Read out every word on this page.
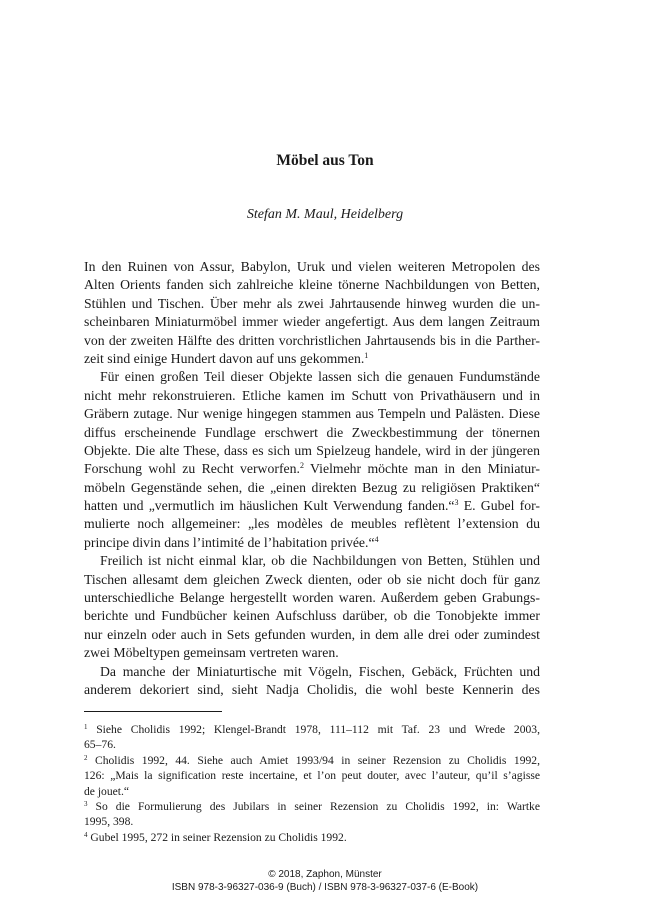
Möbel aus Ton
Stefan M. Maul, Heidelberg
In den Ruinen von Assur, Babylon, Uruk und vielen weiteren Metropolen des
Alten Orients fanden sich zahlreiche kleine tönerne Nachbildungen von Betten,
Stühlen und Tischen. Über mehr als zwei Jahrtausende hinweg wurden die un-
scheinbaren Miniaturmöbel immer wieder angefertigt. Aus dem langen Zeitraum
von der zweiten Hälfte des dritten vorchristlichen Jahrtausends bis in die Parther-
zeit sind einige Hundert davon auf uns gekommen.$^1$
Für einen großen Teil dieser Objekte lassen sich die genauen Fundumstände
nicht mehr rekonstruieren. Etliche kamen im Schutt von Privathäusern und in
Gräbern zutage. Nur wenige hingegen stammen aus Tempeln und Palästen. Diese
diffus erscheinende Fundlage erschwert die Zweckbestimmung der tönernen
Objekte. Die alte These, dass es sich um Spielzeug handele, wird in der jüngeren
Forschung wohl zu Recht verworfen.$^2$ Vielmehr möchte man in den Miniatur-
möbeln Gegenstände sehen, die „einen direkten Bezug zu religiösen Praktiken“
hatten und „vermutlich im häuslichen Kult Verwendung fanden.“$^3$ E. Gubel for-
mulierte noch allgemeiner: „les modèles de meubles reflètent l’extension du
principe divin dans l’intimité de l’habitation privée.“$^4$
Freilich ist nicht einmal klar, ob die Nachbildungen von Betten, Stühlen und
Tischen allesamt dem gleichen Zweck dienten, oder ob sie nicht doch für ganz
unterschiedliche Belange hergestellt worden waren. Außerdem geben Grabungs-
berichte und Fundbücher keinen Aufschluss darüber, ob die Tonobjekte immer
nur einzeln oder auch in Sets gefunden wurden, in dem alle drei oder zumindest
zwei Möbeltypen gemeinsam vertreten waren.
Da manche der Miniaturtische mit Vögeln, Fischen, Gebäck, Früchten und
anderem dekoriert sind, sieht Nadja Cholidis, die wohl beste Kennerin des
$^1$ Siehe Cholidis 1992; Klengel-Brandt 1978, 111–112 mit Taf. 23 und Wrede 2003,
65–76.
$^2$ Cholidis 1992, 44. Siehe auch Amiet 1993/94 in seiner Rezension zu Cholidis 1992,
126: „Mais la signification reste incertaine, et l’on peut douter, avec l’auteur, qu’il s’agisse
de jouet.“
$^3$ So die Formulierung des Jubilars in seiner Rezension zu Cholidis 1992, in: Wartke
1995, 398.
$^4$ Gubel 1995, 272 in seiner Rezension zu Cholidis 1992.
© 2018, Zaphon, Münster
ISBN 978-3-96327-036-9 (Buch) / ISBN 978-3-96327-037-6 (E-Book)
